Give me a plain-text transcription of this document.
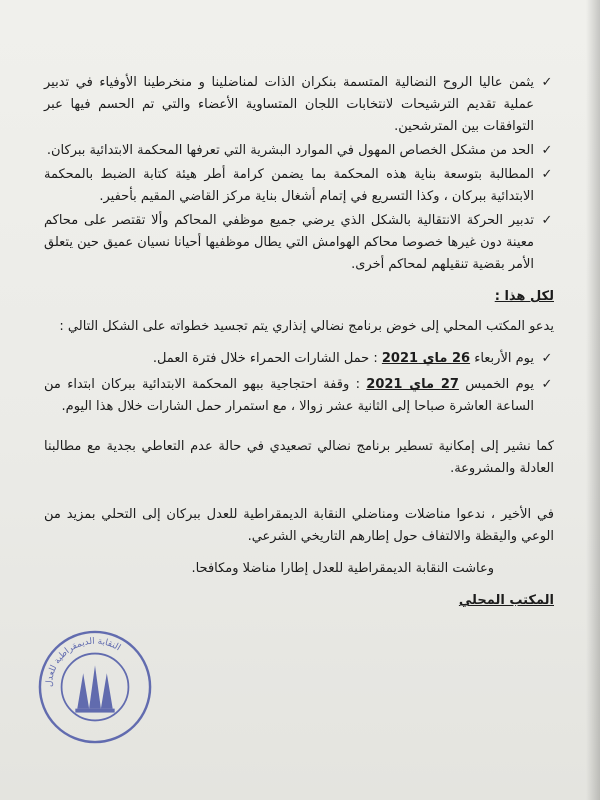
✓
يثمن عاليا الروح النضالية المتسمة بنكران الذات لمناضلينا و منخرطينا الأوفياء في تدبير عملية تقديم الترشيحات لانتخابات اللجان المتساوية الأعضاء والتي تم الحسم فيها عبر التوافقات بين المترشحين.
✓
الحد من مشكل الخصاص المهول في الموارد البشرية التي تعرفها المحكمة الابتدائية ببركان.
✓
المطالبة بتوسعة بناية هذه المحكمة بما يضمن كرامة أطر هيئة كتابة الضبط بالمحكمة الابتدائية ببركان ، وكذا التسريع في إتمام أشغال بناية مركز القاضي المقيم بأحفير.
✓
تدبير الحركة الانتقالية بالشكل الذي يرضي جميع موظفي المحاكم وألا تقتصر على محاكم معينة دون غيرها خصوصا محاكم الهوامش التي يطال موظفيها أحيانا نسيان عميق حين يتعلق الأمر بقضية تنقيلهم لمحاكم أخرى.
لكل هذا :

يدعو المكتب المحلي إلى خوض برنامج نضالي إنذاري يتم تجسيد خطواته على الشكل التالي :

✓
يوم الأربعاء 26 ماي 2021 : حمل الشارات الحمراء خلال فترة العمل.
✓
يوم الخميس 27 ماي 2021 : وقفة احتجاجية ببهو المحكمة الابتدائية ببركان ابتداء من الساعة العاشرة صباحا إلى الثانية عشر زوالا ، مع استمرار حمل الشارات خلال هذا اليوم.

كما نشير إلى إمكانية تسطير برنامج نضالي تصعيدي في حالة عدم التعاطي بجدية مع مطالبنا العادلة والمشروعة.

في الأخير ، ندعوا مناضلات ومناضلي النقابة الديمقراطية للعدل ببركان إلى التحلي بمزيد من الوعي واليقظة والالتفاف حول إطارهم التاريخي الشرعي.

وعاشت النقابة الديمقراطية للعدل إطارا مناضلا ومكافحا.

المكتب المحلي
النقابة الديمقراطية للعدل
